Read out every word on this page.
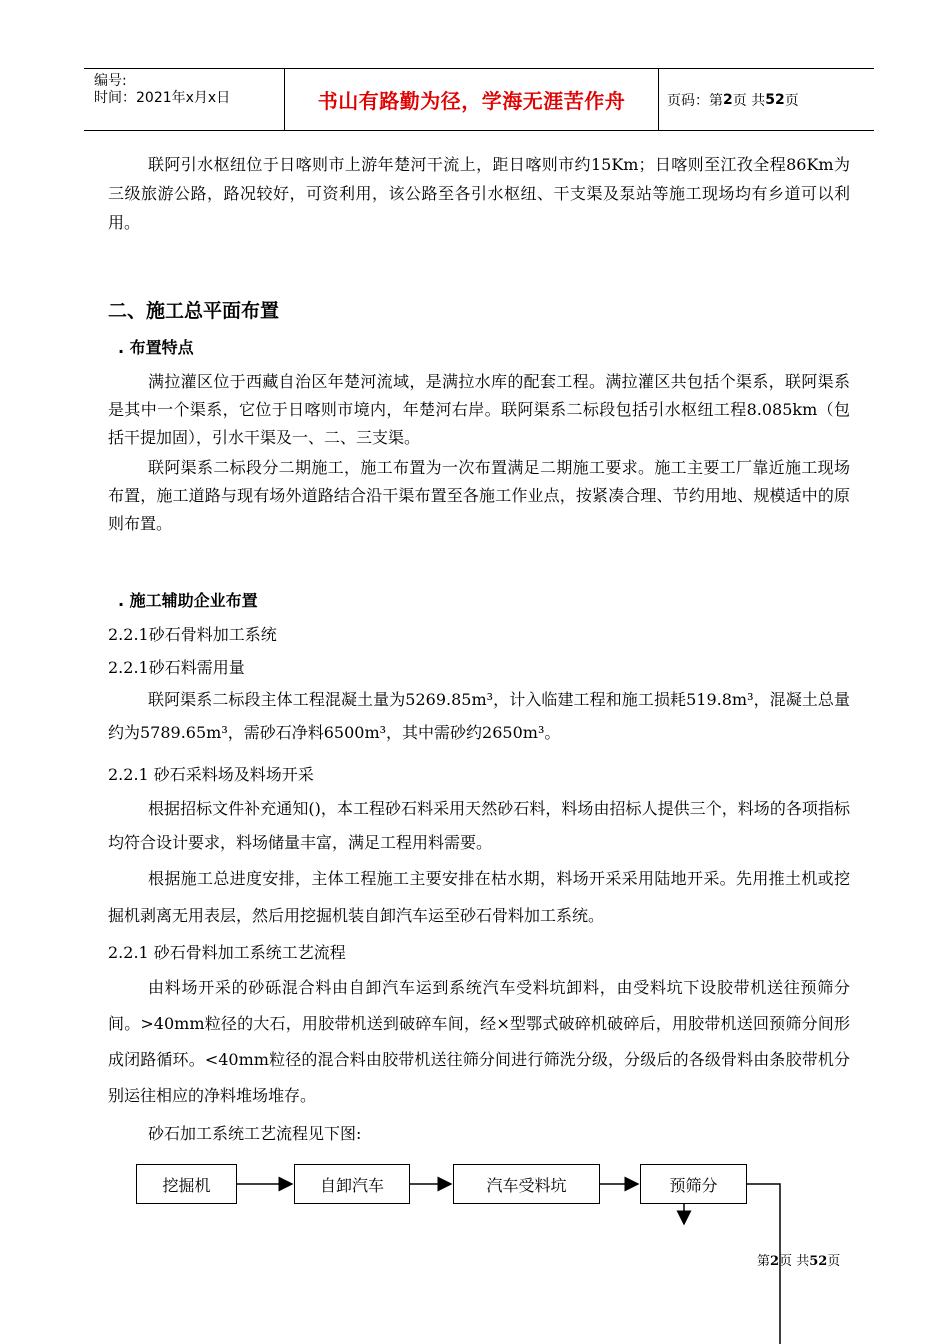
编号:
时间：2021年x月x日	书山有路勤为径，学海无涯苦作舟	页码：第 2 页 共 52 页

联阿引水枢纽位于日喀则市上游年楚河干流上，距日喀则市约15Km；日喀则至江孜全程86Km为三级旅游公路，路况较好，可资利用，该公路至各引水枢纽、干支渠及泵站等施工现场均有乡道可以利用。

二、施工总平面布置

. 布置特点

满拉灌区位于西藏自治区年楚河流域，是满拉水库的配套工程。满拉灌区共包括个渠系，联阿渠系是其中一个渠系，它位于日喀则市境内，年楚河右岸。联阿渠系二标段包括引水枢纽工程8.085km（包括干提加固），引水干渠及一、二、三支渠。

联阿渠系二标段分二期施工，施工布置为一次布置满足二期施工要求。施工主要工厂靠近施工现场布置，施工道路与现有场外道路结合沿干渠布置至各施工作业点，按紧凑合理、节约用地、规模适中的原则布置。

. 施工辅助企业布置

2.2.1砂石骨料加工系统

2.2.1砂石料需用量

联阿渠系二标段主体工程混凝土量为5269.85m³，计入临建工程和施工损耗519.8m³，混凝土总量约为5789.65m³，需砂石净料6500m³，其中需砂约2650m³。

2.2.1 砂石采料场及料场开采

根据招标文件补充通知()，本工程砂石料采用天然砂石料，料场由招标人提供三个，料场的各项指标均符合设计要求，料场储量丰富，满足工程用料需要。

根据施工总进度安排，主体工程施工主要安排在枯水期，料场开采采用陆地开采。先用推土机或挖掘机剥离无用表层，然后用挖掘机装自卸汽车运至砂石骨料加工系统。

2.2.1 砂石骨料加工系统工艺流程

由料场开采的砂砾混合料由自卸汽车运到系统汽车受料坑卸料，由受料坑下设胶带机送往预筛分间。>40mm粒径的大石，用胶带机送到破碎车间，经×型鄂式破碎机破碎后，用胶带机送回预筛分间形成闭路循环。<40mm粒径的混合料由胶带机送往筛分间进行筛洗分级，分级后的各级骨料由条胶带机分别运往相应的净料堆场堆存。

砂石加工系统工艺流程见下图:

挖掘机	自卸汽车	汽车受料坑	预筛分
第2页 共52页
